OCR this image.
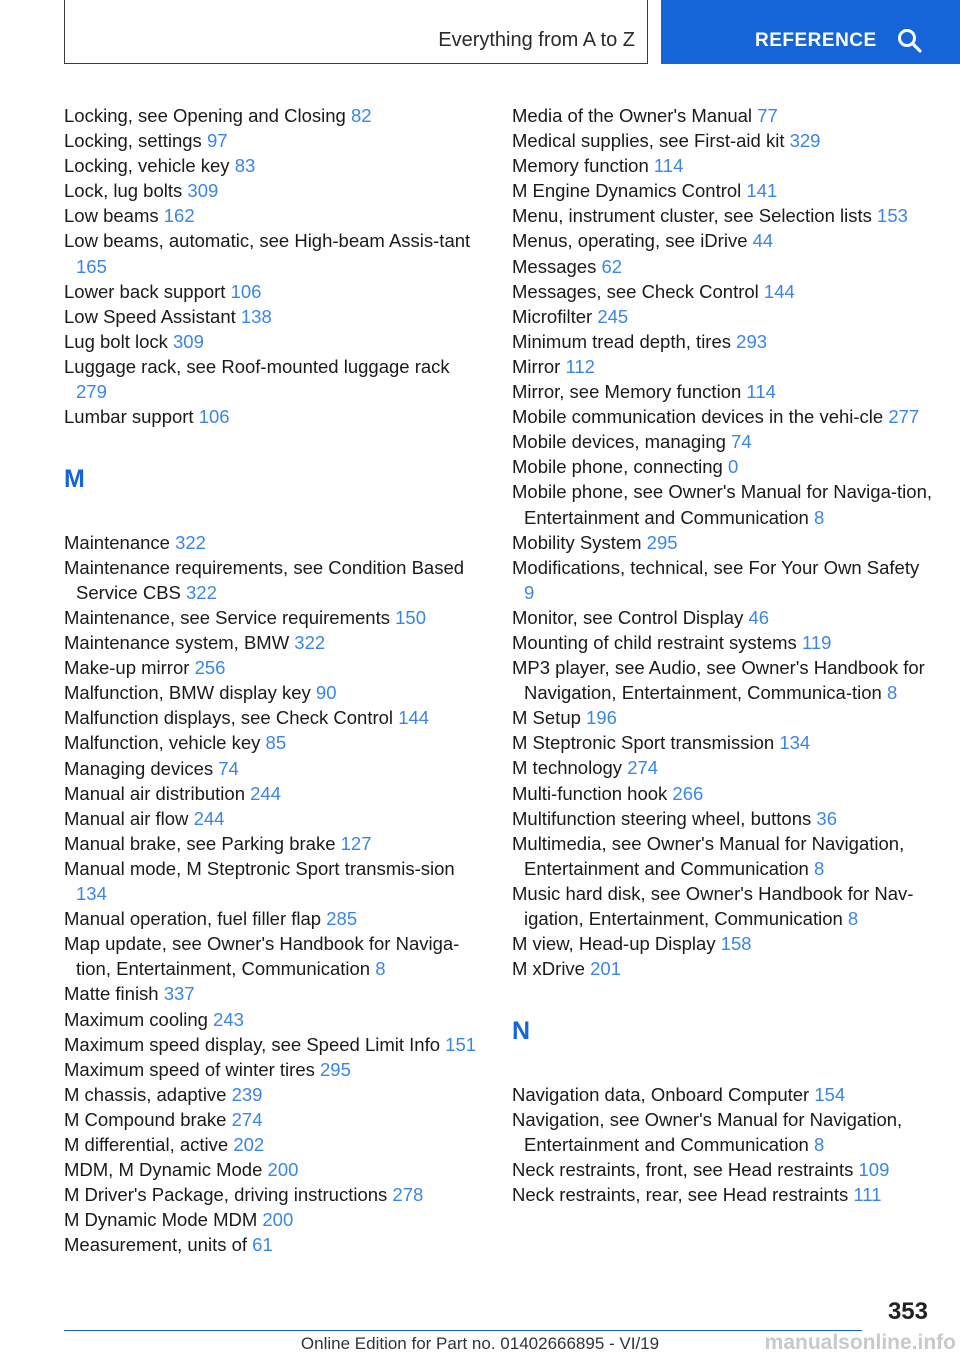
Everything from A to Z	REFERENCE
Locking, see Opening and Closing 82
Locking, settings 97
Locking, vehicle key 83
Lock, lug bolts 309
Low beams 162
Low beams, automatic, see High-beam Assis-tant 165
Lower back support 106
Low Speed Assistant 138
Lug bolt lock 309
Luggage rack, see Roof-mounted luggage rack 279
Lumbar support 106
M
Maintenance 322
Maintenance requirements, see Condition Based Service CBS 322
Maintenance, see Service requirements 150
Maintenance system, BMW 322
Make-up mirror 256
Malfunction, BMW display key 90
Malfunction displays, see Check Control 144
Malfunction, vehicle key 85
Managing devices 74
Manual air distribution 244
Manual air flow 244
Manual brake, see Parking brake 127
Manual mode, M Steptronic Sport transmis-sion 134
Manual operation, fuel filler flap 285
Map update, see Owner's Handbook for Naviga-tion, Entertainment, Communication 8
Matte finish 337
Maximum cooling 243
Maximum speed display, see Speed Limit Info 151
Maximum speed of winter tires 295
M chassis, adaptive 239
M Compound brake 274
M differential, active 202
MDM, M Dynamic Mode 200
M Driver's Package, driving instructions 278
M Dynamic Mode MDM 200
Measurement, units of 61
Media of the Owner's Manual 77
Medical supplies, see First-aid kit 329
Memory function 114
M Engine Dynamics Control 141
Menu, instrument cluster, see Selection lists 153
Menus, operating, see iDrive 44
Messages 62
Messages, see Check Control 144
Microfilter 245
Minimum tread depth, tires 293
Mirror 112
Mirror, see Memory function 114
Mobile communication devices in the vehi-cle 277
Mobile devices, managing 74
Mobile phone, connecting 0
Mobile phone, see Owner's Manual for Naviga-tion, Entertainment and Communication 8
Mobility System 295
Modifications, technical, see For Your Own Safety 9
Monitor, see Control Display 46
Mounting of child restraint systems 119
MP3 player, see Audio, see Owner's Handbook for Navigation, Entertainment, Communica-tion 8
M Setup 196
M Steptronic Sport transmission 134
M technology 274
Multi-function hook 266
Multifunction steering wheel, buttons 36
Multimedia, see Owner's Manual for Navigation, Entertainment and Communication 8
Music hard disk, see Owner's Handbook for Nav-igation, Entertainment, Communication 8
M view, Head-up Display 158
M xDrive 201
N
Navigation data, Onboard Computer 154
Navigation, see Owner's Manual for Navigation, Entertainment and Communication 8
Neck restraints, front, see Head restraints 109
Neck restraints, rear, see Head restraints 111
353
Online Edition for Part no. 01402666895 - VI/19	manualsonline.info
